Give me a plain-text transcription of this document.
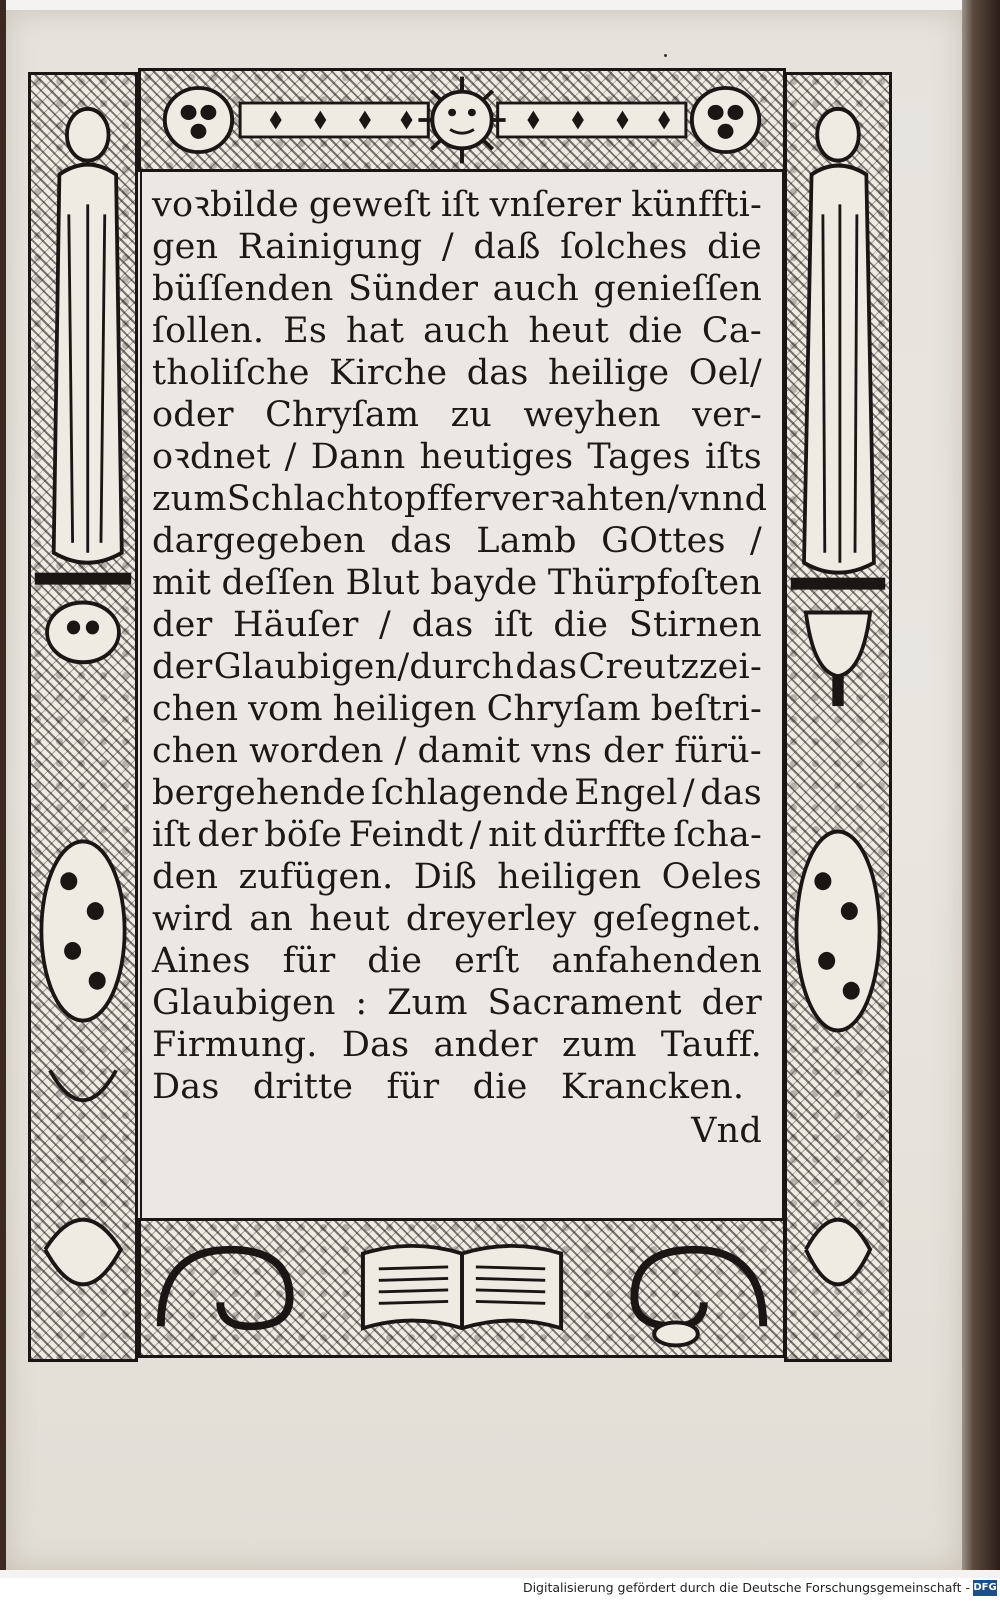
voꝛbilde geweſt iſt vnſerer künffti-
gen Rainigung / daß ſolches die
büſſenden Sünder auch genieſſen
ſollen. Es hat auch heut die Ca-
tholiſche Kirche das heilige Oel/
oder Chryſam zu weyhen ver-
oꝛdnet / Dann heutiges Tages iſts
zum Schlachtopffer verꝛahten/vnnd
dargegeben das Lamb GOttes /
mit deſſen Blut bayde Thürpfoſten
der Häuſer / das iſt die Stirnen
der Glaubigen/durch das Creutzzei-
chen vom heiligen Chryſam beſtri-
chen worden / damit vns der fürü-
bergehende ſchlagende Engel / das
iſt der böſe Feindt / nit dürffte ſcha-
den zufügen. Diß heiligen Oeles
wird an heut dreyerley geſegnet.
Aines für die erſt anfahenden
Glaubigen : Zum Sacrament der
Firmung. Das ander zum Tauff.
Das dritte für die Krancken.
Vnd
Digitalisierung gefördert durch die Deutsche Forschungsgemeinschaft - DFG
